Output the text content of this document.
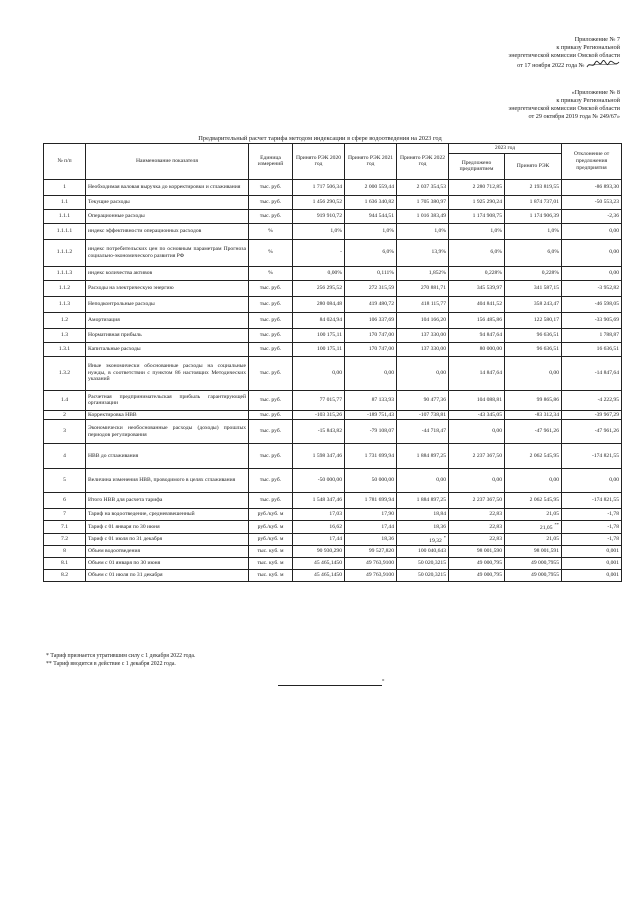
Приложение № 7
к приказу Региональной
энергетической комиссии Омской области
от 17 ноября 2022 года №
«Приложение № 8
к приказу Региональной
энергетической комиссии Омской области
от 29 октября 2019 года № 249/67»
Предварительный расчет тарифа методом индексации в сфере водоотведения на 2023 год
№ п/п	Наименование показателя	Единица измерений	Принято РЭК 2020 год	Принято РЭК 2021 год	Принято РЭК 2022 год	2023 год		Отклонение от предложения предприятия
						Предложено предприятием	Принято РЭК	
1	Необходимая валовая выручка до корректировки и сглаживания	тыс. руб.	1 717 506,34	2 000 559,44	2 037 354,53	2 280 712,85	2 193 819,55	-86 893,30
1.1	Текущие расходы	тыс. руб.	1 456 290,52	1 636 340,82	1 705 380,97	1 925 290,24	1 874 737,01	-50 553,23
1.1.1	Операционные расходы	тыс. руб.	919 910,72	944 544,51	1 016 383,49	1 174 908,75	1 174 906,39	-2,36
1.1.1.1	индекс эффективности операционных расходов	%	1,0%	1,0%	1,0%	1,0%	1,0%	0,00
1.1.1.2	индекс потребительских цен по основным параметрам Прогноза социально-экономического развития РФ	%	-	6,0%	13,9%	6,0%	6,0%	0,00
1.1.1.3	индекс количества активов	%	0,00%	0,111%	1,852%	0,228%	0,228%	0,00
1.1.2	Расходы на электрическую энергию	тыс. руб.	256 295,52	272 315,59	270 881,71	345 539,97	341 587,15	-3 952,82
1.1.3	Неподконтрольные расходы	тыс. руб.	280 084,48	419 480,72	418 115,77	404 841,52	358 243,47	-46 598,05
1.2	Амортизация	тыс. руб.	84 024,94	106 337,69	104 166,20	156 485,86	122 580,17	-33 905,69
1.3	Нормативная прибыль	тыс. руб.	100 175,11	170 747,00	137 330,00	94 847,64	96 636,51	1 788,87
1.3.1	Капитальные расходы	тыс. руб.	100 175,11	170 747,00	137 330,00	80 000,00	96 636,51	16 636,51
1.3.2	Иные экономически обоснованные расходы на социальные нужды, в соответствии с пунктом 86 настоящих Методических указаний	тыс. руб.	0,00	0,00	0,00	14 847,64	0,00	-14 847,64
1.4	Расчетная предпринимательская прибыль гарантирующей организации	тыс. руб.	77 015,77	87 133,93	90 477,36	104 088,81	99 865,86	-4 222,95
2	Корректировка НВВ	тыс. руб.	-103 315,26	-189 751,43	-107 738,81	-43 345,05	-83 312,34	-39 967,29
3	Экономически необоснованные расходы (доходы) прошлых периодов регулирования	тыс. руб.	-15 843,82	-79 108,07	-44 718,47	0,00	-47 961,26	-47 961,26
4	НВВ до сглаживания	тыс. руб.	1 598 347,46	1 731 699,94	1 884 897,25	2 237 367,50	2 062 545,95	-174 821,55
5	Величина изменения НВВ, проводимого в целях сглаживания	тыс. руб.	-50 000,00	50 000,00	0,00	0,00	0,00	0,00
6	Итого НВВ для расчета тарифа	тыс. руб.	1 548 347,46	1 781 699,94	1 884 897,25	2 237 367,50	2 062 545,95	-174 821,55
7	Тариф на водоотведение, средневзвешенный	руб./куб. м	17,03	17,90	18,84	22,83	21,05	-1,78
7.1	Тариф с 01 января по 30 июня	руб./куб. м	16,62	17,44	18,36	22,83	21,05**	-1,78
7.2	Тариф с 01 июля по 31 декабря	руб./куб. м	17,44	18,36	19,32*	22,83	21,05	-1,78
8	Объем водоотведения	тыс. куб. м	90 930,290	99 527,820	100 040,643	98 001,590	98 001,591	0,001
8.1	Объем с 01 января по 30 июня	тыс. куб. м	45 465,1450	49 763,9100	50 020,3215	49 000,795	49 000,7955	0,001
8.2	Объем с 01 июля по 31 декабря	тыс. куб. м	45 465,1450	49 763,9100	50 020,3215	49 000,795	49 000,7955	0,001
* Тариф признается утратившим силу с 1 декабря 2022 года.
** Тариф вводится в действие с 1 декабря 2022 года.
»
